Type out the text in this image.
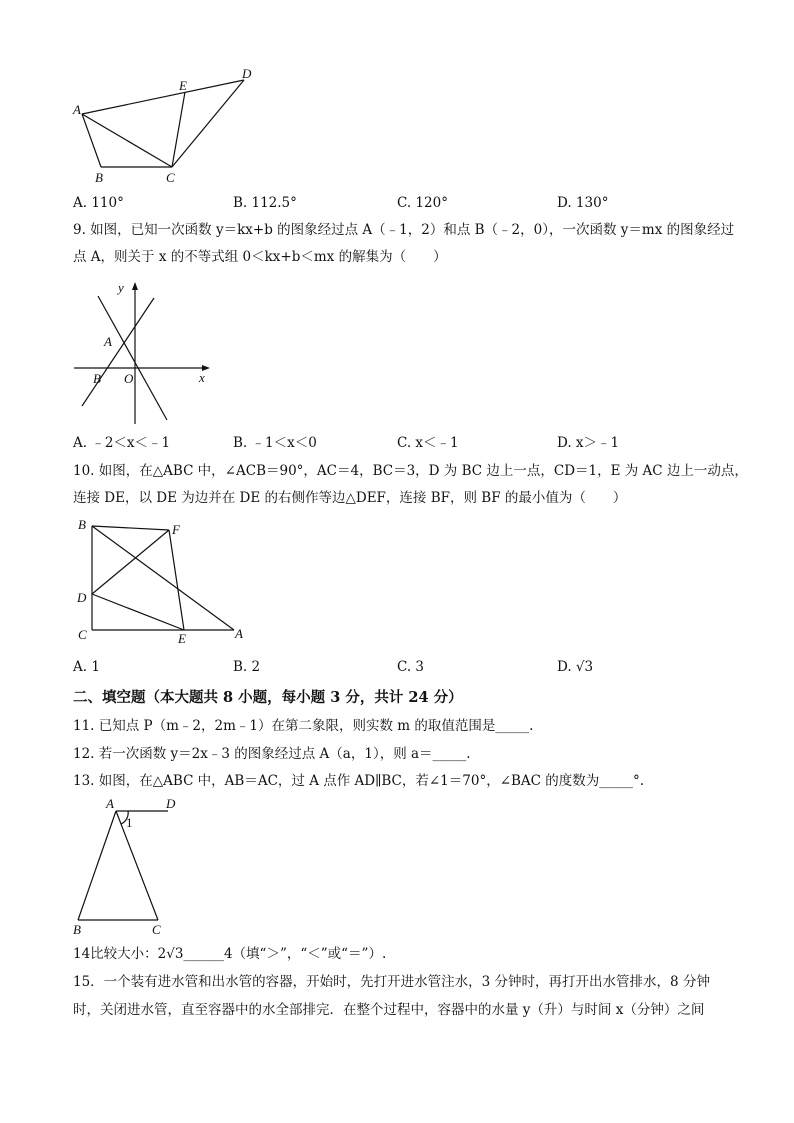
A
B	C
D
E
A. 110°	B. 112.5°	C. 120°	D. 130°
9. 如图，已知一次函数 y＝kx+b 的图象经过点 A（﹣1，2）和点 B（﹣2，0），一次函数 y＝mx 的图象经过
点 A，则关于 x 的不等式组 0＜kx+b＜mx 的解集为（　　）
y
x
A
B O
A. ﹣2＜x＜﹣1	B. ﹣1＜x＜0	C. x＜﹣1	D. x＞﹣1
10. 如图，在△ABC 中，∠ACB＝90°，AC＝4，BC＝3，D 为 BC 边上一点，CD＝1，E 为 AC 边上一动点，
连接 DE，以 DE 为边并在 DE 的右侧作等边△DEF，连接 BF，则 BF 的最小值为（　　）
B	F
D
C	E	A
A. 1	B. 2	C. 3	D. √3
二、填空题（本大题共 8 小题，每小题 3 分，共计 24 分）
11. 已知点 P（m﹣2，2m﹣1）在第二象限，则实数 m 的取值范围是_____.
12. 若一次函数 y＝2x﹣3 的图象经过点 A（a，1），则 a＝_____.
13. 如图，在△ABC 中，AB＝AC，过 A 点作 AD∥BC，若∠1＝70°，∠BAC 的度数为_____°.
A	D
1
B	C
14比较大小：2√3______4（填“＞”，“＜”或“＝”）.
15．一个装有进水管和出水管的容器，开始时，先打开进水管注水，3 分钟时，再打开出水管排水，8 分钟
时，关闭进水管，直至容器中的水全部排完．在整个过程中，容器中的水量 y（升）与时间 x（分钟）之间
